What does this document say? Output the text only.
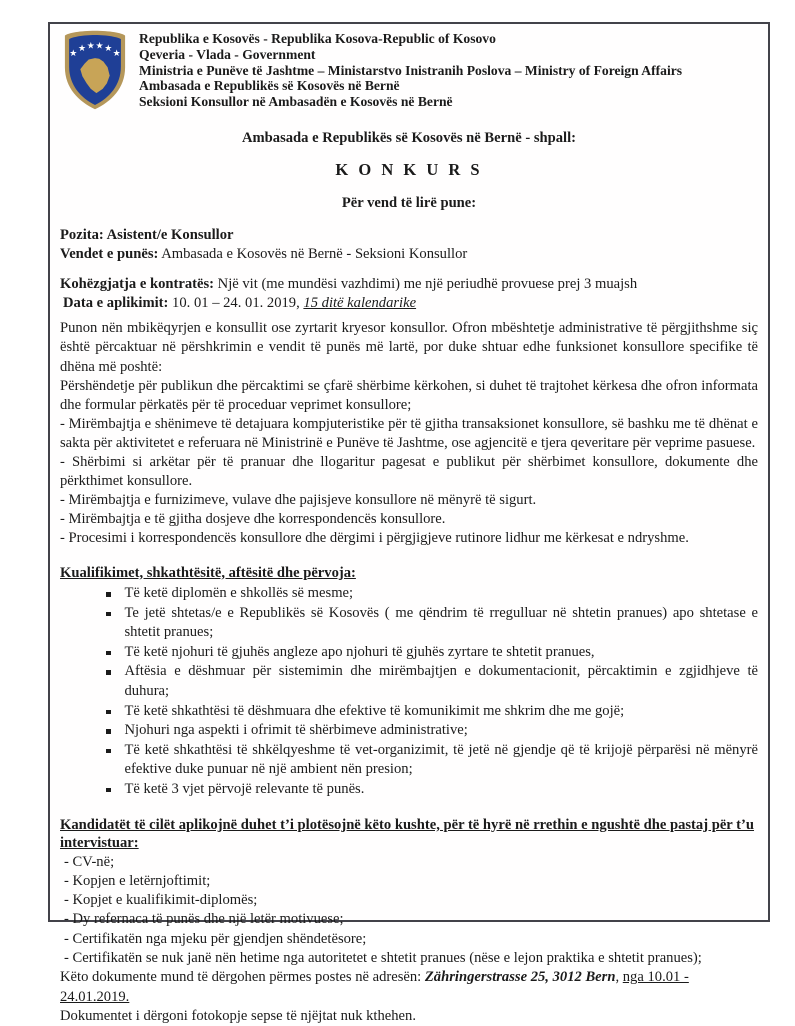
★ ★ ★ ★ ★ ★
Republika e Kosovës - Republika Kosova-Republic of Kosovo
Qeveria - Vlada - Government
Ministria e Punëve të Jashtme – Ministarstvo Inistranih Poslova – Ministry of Foreign Affairs
Ambasada e Republikës së Kosovës në Bernë
Seksioni Konsullor në Ambasadën e Kosovës në Bernë
Ambasada e Republikës së Kosovës në Bernë - shpall:
K O N K U R S
Për vend të lirë pune:
Pozita: Asistent/e Konsullor
Vendet e punës: Ambasada e Kosovës në Bernë - Seksioni Konsullor
Kohëzgjatja e kontratës: Një vit (me mundësi vazhdimi) me një periudhë provuese prej 3 muajsh
Data e aplikimit: 10. 01 – 24. 01. 2019, 15 ditë kalendarike

Punon nën mbikëqyrjen e konsullit ose zyrtarit kryesor konsullor. Ofron mbështetje administrative të përgjithshme siç është përcaktuar në përshkrimin e vendit të punës më lartë, por duke shtuar edhe funksionet konsullore specifike të dhëna më poshtë:

Përshëndetje për publikun dhe përcaktimi se çfarë shërbime kërkohen, si duhet të trajtohet kërkesa dhe ofron informata dhe formular përkatës për të proceduar veprimet konsullore;

- Mirëmbajtja e shënimeve të detajuara kompjuteristike për të gjitha transaksionet konsullore, së bashku me të dhënat e sakta për aktivitetet e referuara në Ministrinë e Punëve të Jashtme, ose agjencitë e tjera qeveritare për veprime pasuese.

- Shërbimi si arkëtar për të pranuar dhe llogaritur pagesat e publikut për shërbimet konsullore, dokumente dhe përkthimet konsullore.

- Mirëmbajtja e furnizimeve, vulave dhe pajisjeve konsullore në mënyrë të sigurt.

- Mirëmbajtja e të gjitha dosjeve dhe korrespondencës konsullore.

- Procesimi i korrespondencës konsullore dhe dërgimi i përgjigjeve rutinore lidhur me kërkesat e ndryshme.

Kualifikimet, shkathtësitë, aftësitë dhe përvoja:
Të ketë diplomën e shkollës së mesme;
Te jetë shtetas/e e Republikës së Kosovës ( me qëndrim të rregulluar në shtetin pranues) apo shtetase e shtetit pranues;
Të ketë njohuri të gjuhës angleze apo njohuri të gjuhës zyrtare te shtetit pranues,
Aftësia e dëshmuar për sistemimin dhe mirëmbajtjen e dokumentacionit, përcaktimin e zgjidhjeve të duhura;
Të ketë shkathtësi të dëshmuara dhe efektive të komunikimit me shkrim dhe me gojë;
Njohuri nga aspekti i ofrimit të shërbimeve administrative;
Të ketë shkathtësi të shkëlqyeshme të vet-organizimit, të jetë në gjendje që të krijojë përparësi në mënyrë efektive duke punuar në një ambient nën presion;
Të ketë 3 vjet përvojë relevante të punës.
Kandidatët të cilët aplikojnë duhet t’i plotësojnë këto kushte, për të hyrë në rrethin e ngushtë dhe pastaj për t’u intervistuar:
- CV-në;
- Kopjen e letërnjoftimit;
- Kopjet e kualifikimit-diplomës;
- Dy refernaca të punës dhe një letër motivuese;
- Certifikatën nga mjeku për gjendjen shëndetësore;
- Certifikatën se nuk janë nën hetime nga autoritetet e shtetit pranues (nëse e lejon praktika e shtetit pranues);
Këto dokumente mund të dërgohen përmes postes në adresën: Zähringerstrasse 25, 3012 Bern, nga 10.01 - 24.01.2019.
Dokumentet i dërgoni fotokopje sepse të njëjtat nuk kthehen.
